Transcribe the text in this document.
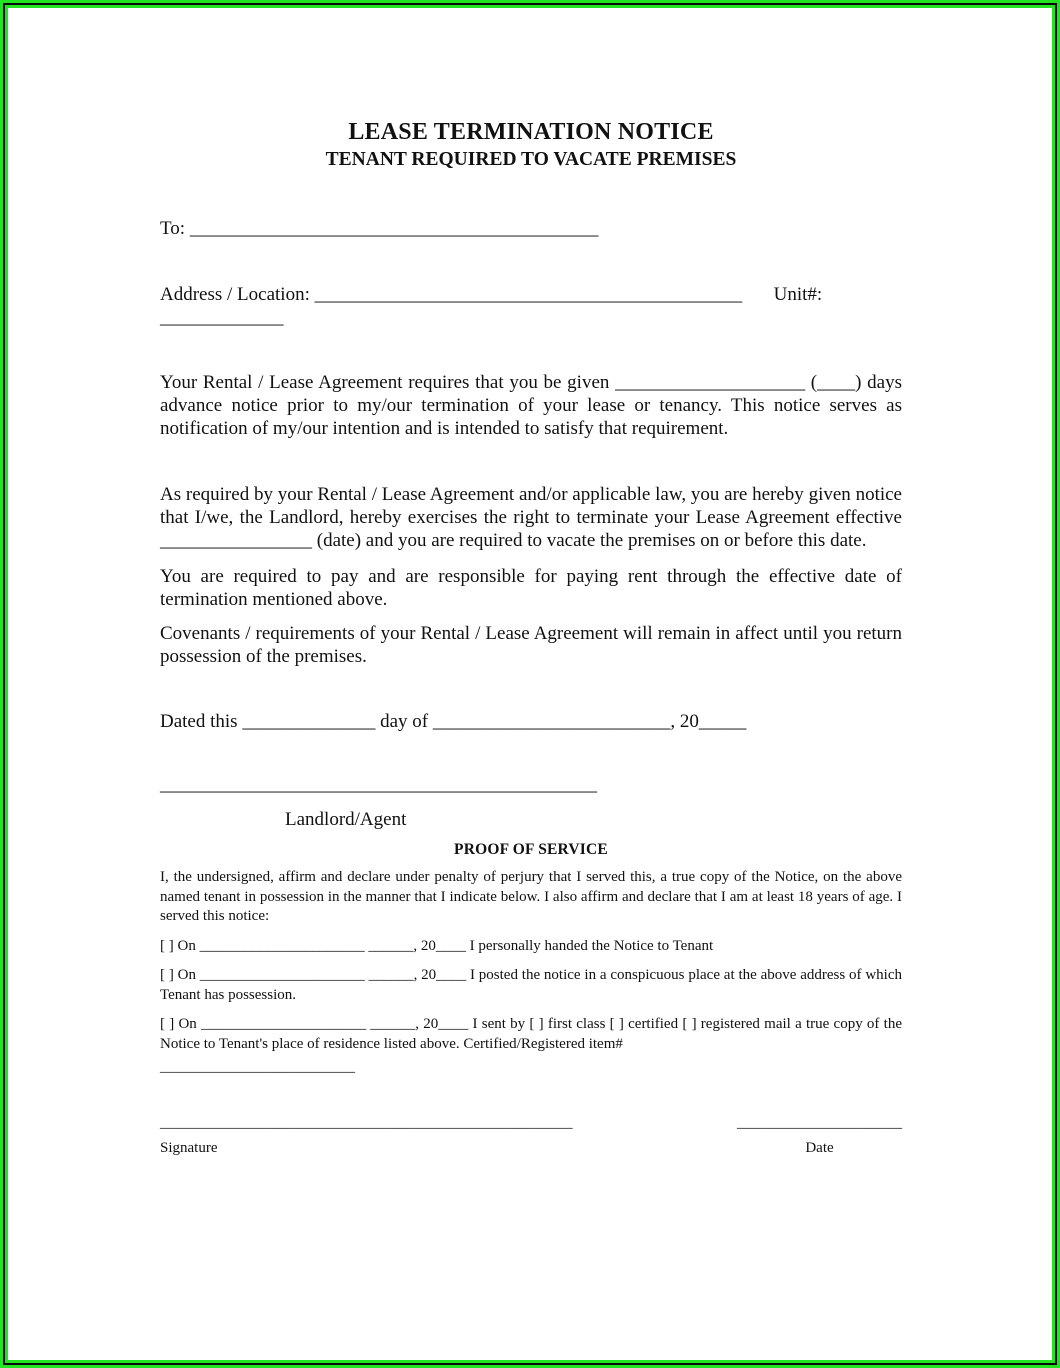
LEASE TERMINATION NOTICE
TENANT REQUIRED TO VACATE PREMISES
To: ___________________________________________
Address / Location: _____________________________________________ Unit#:
_____________
Your Rental / Lease Agreement requires that you be given ____________________ (____) days advance notice prior to my/our termination of your lease or tenancy. This notice serves as notification of my/our intention and is intended to satisfy that requirement.
As required by your Rental / Lease Agreement and/or applicable law, you are hereby given notice that I/we, the Landlord, hereby exercises the right to terminate your Lease Agreement effective ________________ (date) and you are required to vacate the premises on or before this date.
You are required to pay and are responsible for paying rent through the effective date of termination mentioned above.
Covenants / requirements of your Rental / Lease Agreement will remain in affect until you return possession of the premises.
Dated this ______________ day of _________________________, 20_____
______________________________________________
Landlord/Agent
PROOF OF SERVICE
I, the undersigned, affirm and declare under penalty of perjury that I served this, a true copy of the Notice, on the above named tenant in possession in the manner that I indicate below. I also affirm and declare that I am at least 18 years of age. I served this notice:
[ ] On ______________________ ______, 20____ I personally handed the Notice to Tenant
[ ] On ______________________ ______, 20____ I posted the notice in a conspicuous place at the above address of which Tenant has possession.
[ ] On ______________________ ______, 20____ I sent by [ ] first class [ ] certified [ ] registered mail a true copy of the Notice to Tenant's place of residence listed above. Certified/Registered item#
__________________________
_______________________________________________________
Signature
______________________
Date
